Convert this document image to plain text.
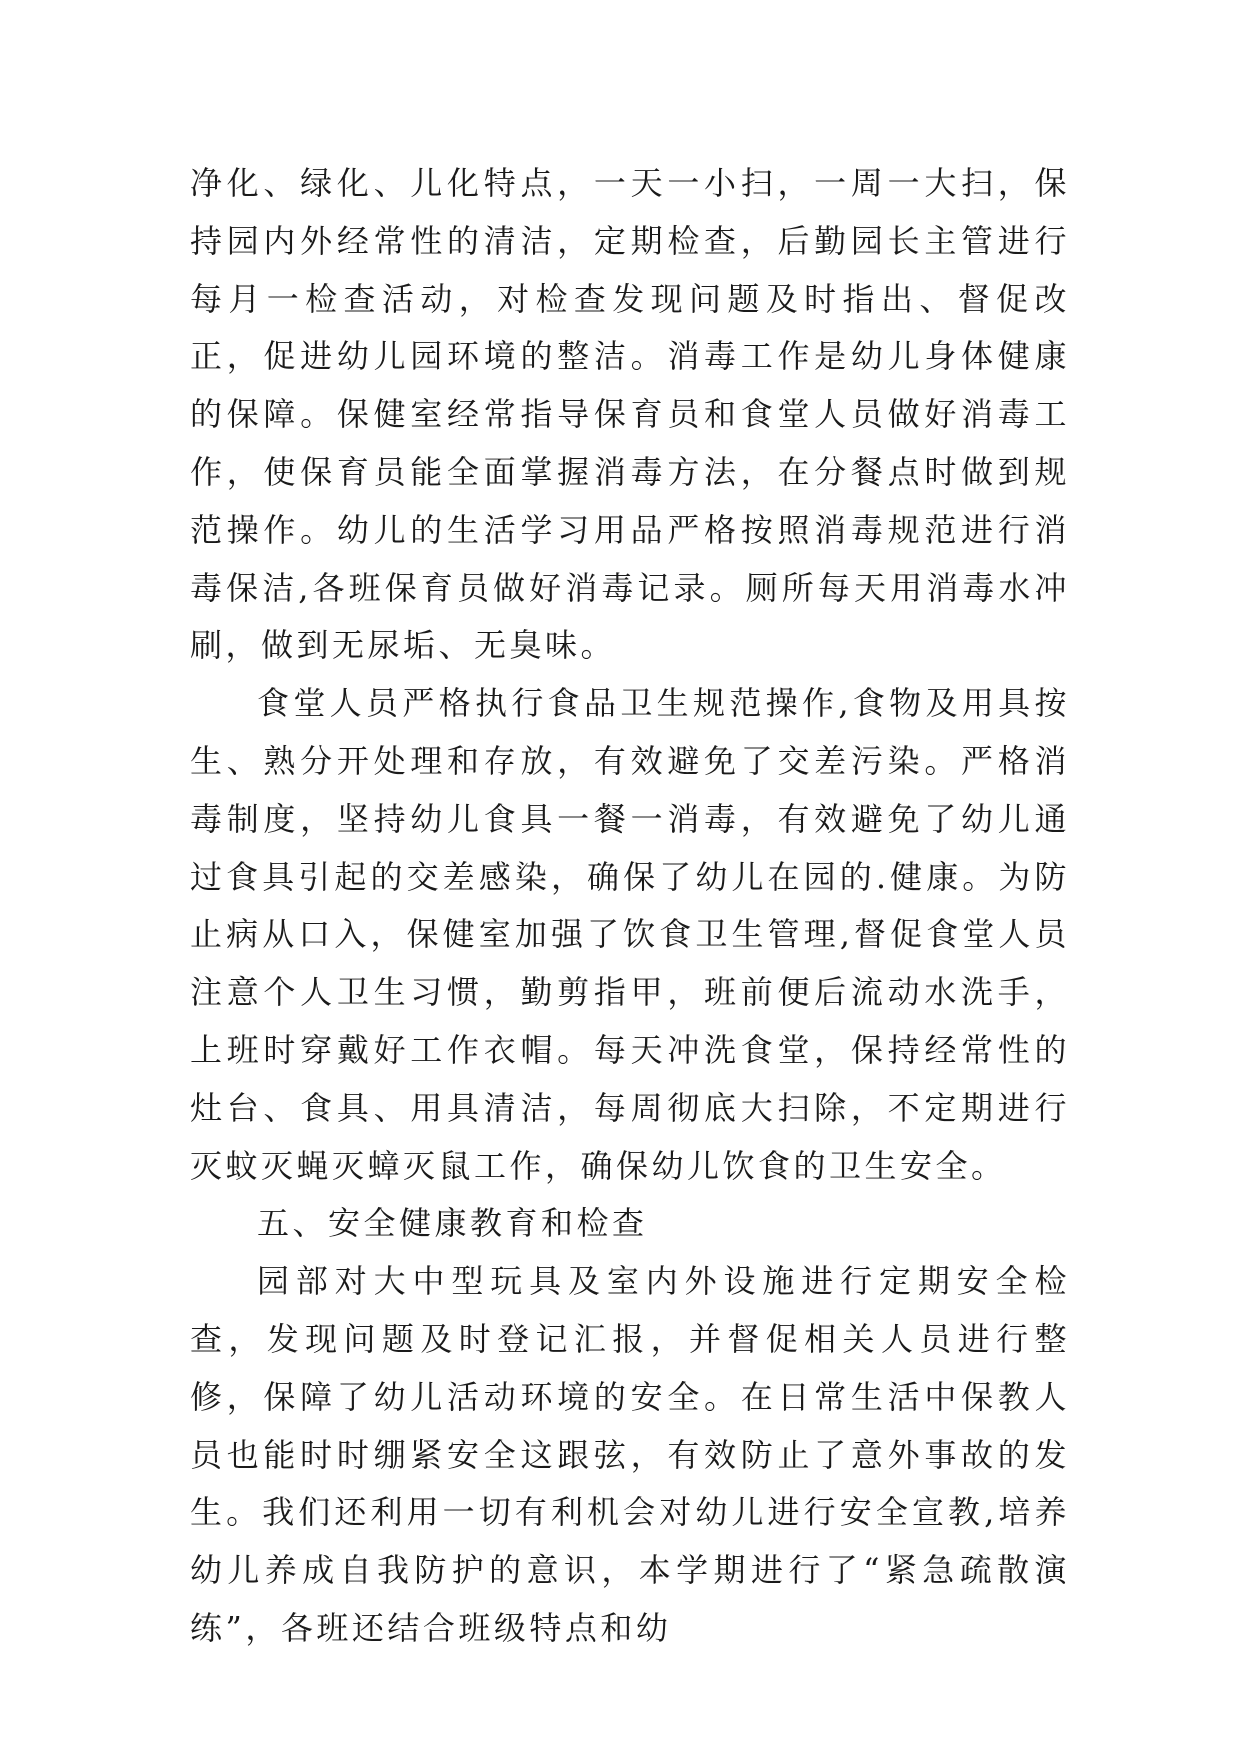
净化、绿化、儿化特点，一天一小扫，一周一大扫，保持园内外经常性的清洁，定期检查，后勤园长主管进行每月一检查活动，对检查发现问题及时指出、督促改正，促进幼儿园环境的整洁。消毒工作是幼儿身体健康的保障。保健室经常指导保育员和食堂人员做好消毒工作，使保育员能全面掌握消毒方法，在分餐点时做到规范操作。幼儿的生活学习用品严格按照消毒规范进行消毒保洁,各班保育员做好消毒记录。厕所每天用消毒水冲刷，做到无尿垢、无臭味。

食堂人员严格执行食品卫生规范操作,食物及用具按生、熟分开处理和存放，有效避免了交差污染。严格消毒制度，坚持幼儿食具一餐一消毒，有效避免了幼儿通过食具引起的交差感染，确保了幼儿在园的.健康。为防止病从口入，保健室加强了饮食卫生管理,督促食堂人员注意个人卫生习惯，勤剪指甲，班前便后流动水洗手，上班时穿戴好工作衣帽。每天冲洗食堂，保持经常性的灶台、食具、用具清洁，每周彻底大扫除，不定期进行灭蚊灭蝇灭蟑灭鼠工作，确保幼儿饮食的卫生安全。

五、安全健康教育和检查

园部对大中型玩具及室内外设施进行定期安全检查，发现问题及时登记汇报，并督促相关人员进行整修，保障了幼儿活动环境的安全。在日常生活中保教人员也能时时绷紧安全这跟弦，有效防止了意外事故的发生。我们还利用一切有利机会对幼儿进行安全宣教,培养幼儿养成自我防护的意识，本学期进行了“紧急疏散演练”，各班还结合班级特点和幼
